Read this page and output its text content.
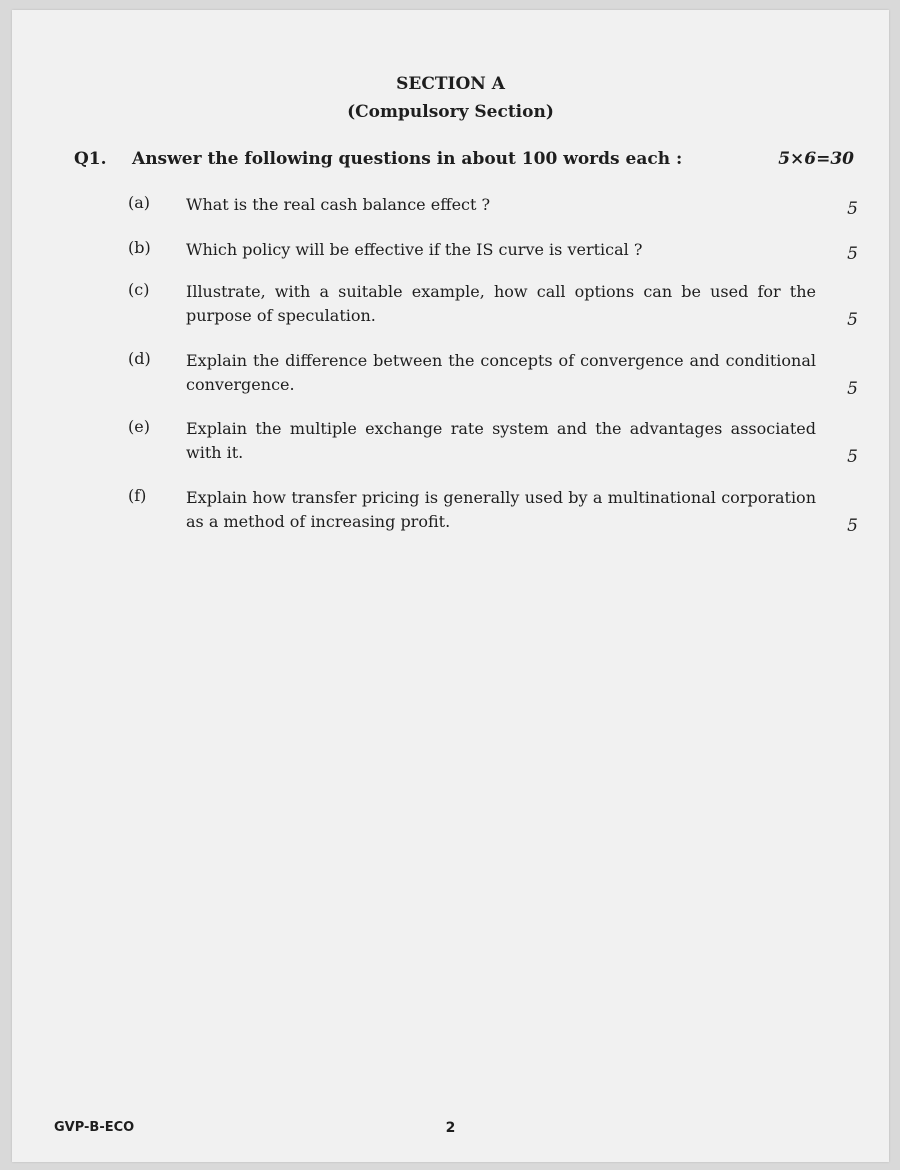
SECTION A
(Compulsory Section)
Q1. Answer the following questions in about 100 words each :	5×6=30
(a) What is the real cash balance effect ?	5
(b) Which policy will be effective if the IS curve is vertical ?	5
(c) Illustrate, with a suitable example, how call options can be used for the purpose of speculation.	5
(d) Explain the difference between the concepts of convergence and conditional convergence.	5
(e) Explain the multiple exchange rate system and the advantages associated with it.	5
(f) Explain how transfer pricing is generally used by a multinational corporation as a method of increasing profit.	5
GVP-B-ECO	2
